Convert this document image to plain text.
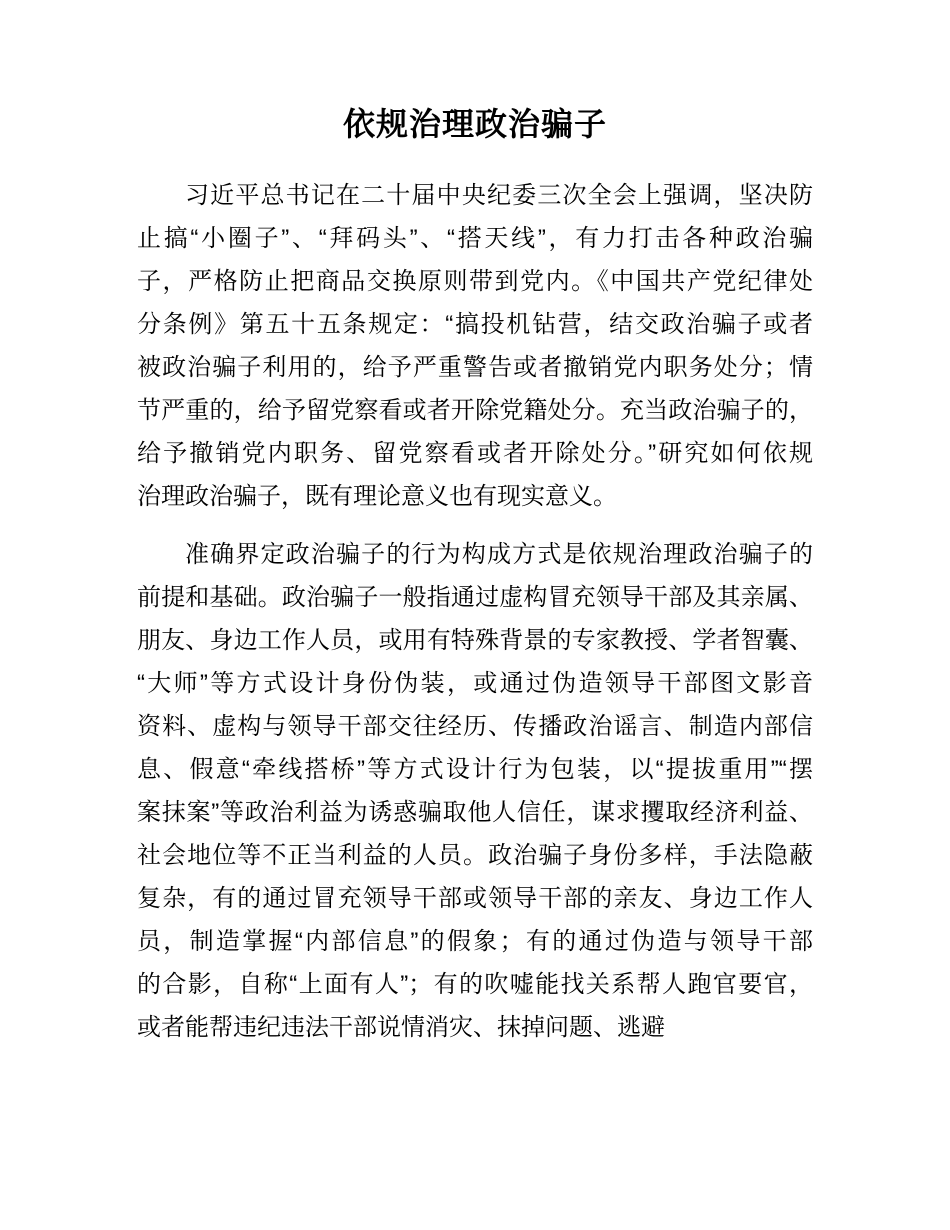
依规治理政治骗子
习近平总书记在二十届中央纪委三次全会上强调，坚决防
止搞“小圈子”、“拜码头”、“搭天线”，有力打击各种政治骗
子，严格防止把商品交换原则带到党内。《中国共产党纪律处
分条例》第五十五条规定：“搞投机钻营，结交政治骗子或者
被政治骗子利用的，给予严重警告或者撤销党内职务处分；情
节严重的，给予留党察看或者开除党籍处分。充当政治骗子的，
给予撤销党内职务、留党察看或者开除处分。”研究如何依规
治理政治骗子，既有理论意义也有现实意义。
准确界定政治骗子的行为构成方式是依规治理政治骗子的
前提和基础。政治骗子一般指通过虚构冒充领导干部及其亲属、
朋友、身边工作人员，或用有特殊背景的专家教授、学者智囊、
“大师”等方式设计身份伪装，或通过伪造领导干部图文影音
资料、虚构与领导干部交往经历、传播政治谣言、制造内部信
息、假意“牵线搭桥”等方式设计行为包装，以“提拔重用”“摆
案抹案”等政治利益为诱惑骗取他人信任，谋求攫取经济利益、
社会地位等不正当利益的人员。政治骗子身份多样，手法隐蔽
复杂，有的通过冒充领导干部或领导干部的亲友、身边工作人
员，制造掌握“内部信息”的假象；有的通过伪造与领导干部
的合影，自称“上面有人”；有的吹嘘能找关系帮人跑官要官，
或者能帮违纪违法干部说情消灾、抹掉问题、逃避
